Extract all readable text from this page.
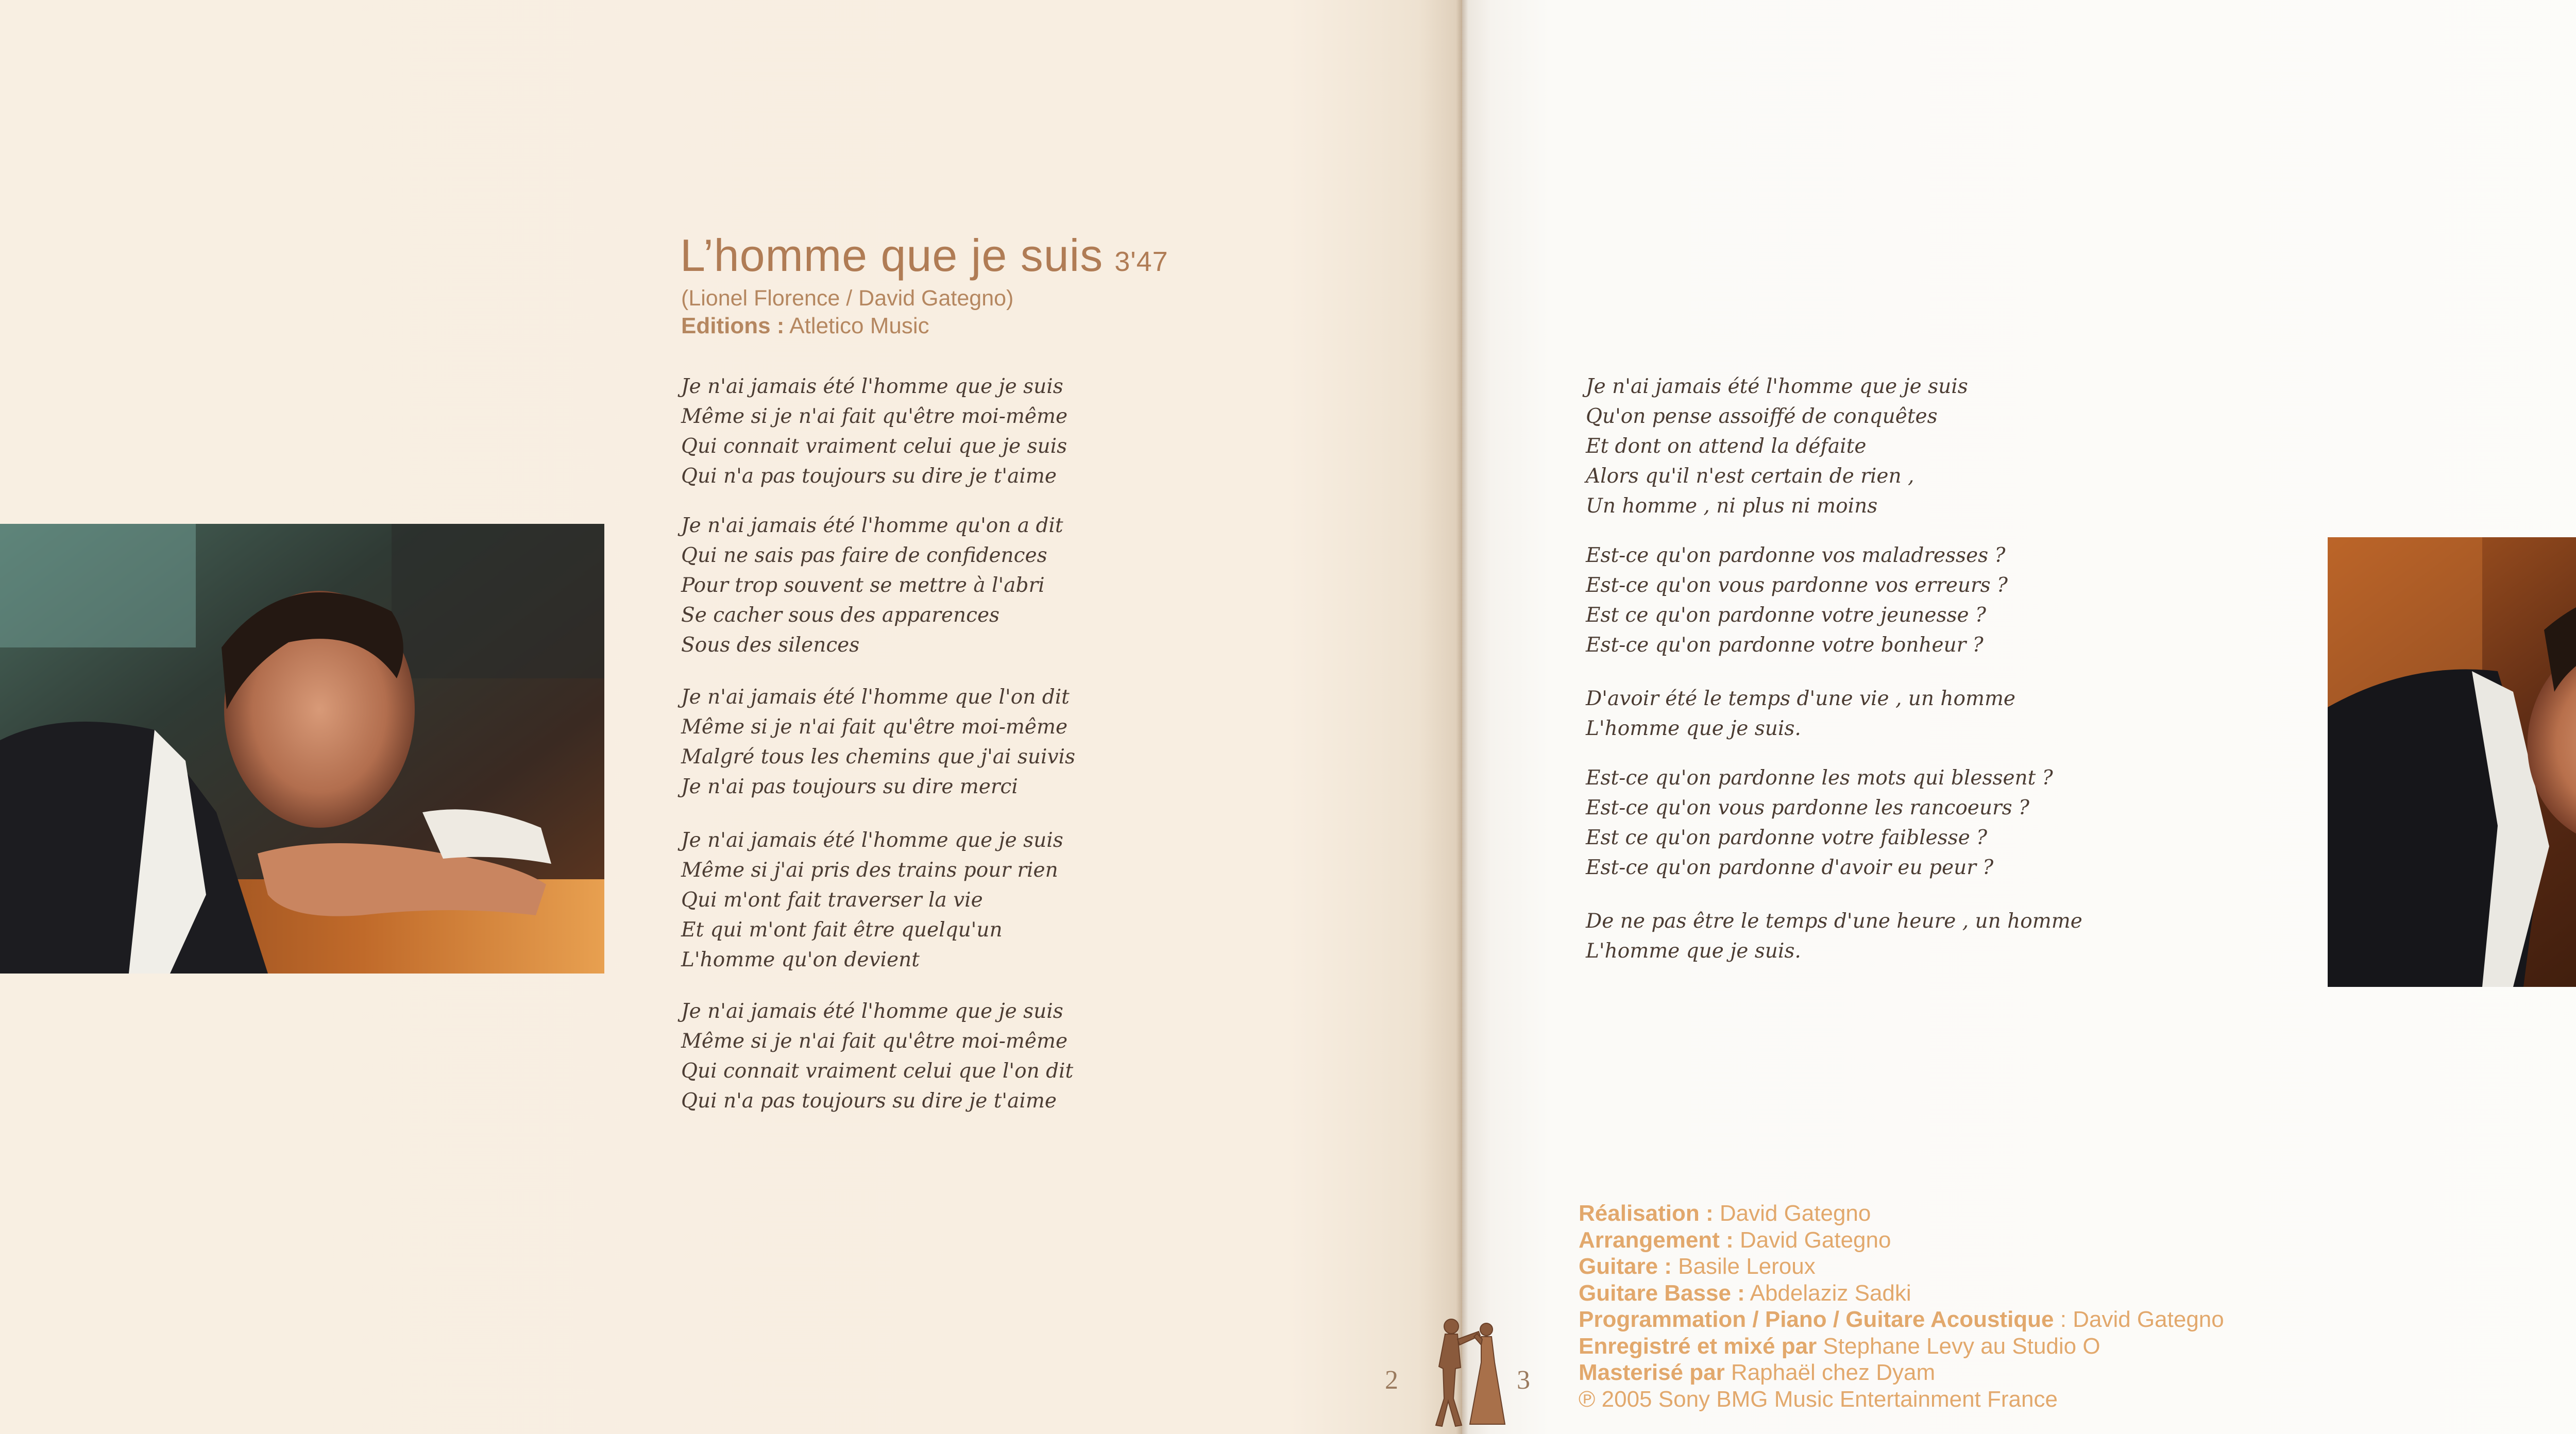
L’homme que je suis 3'47
(Lionel Florence / David Gategno)
Editions : Atletico Music
Je n'ai jamais été l'homme que je suis
Même si je n'ai fait qu'être moi-même
Qui connait vraiment celui que je suis
Qui n'a pas toujours su dire je t'aime
Je n'ai jamais été l'homme qu'on a dit
Qui ne sais pas faire de confidences
Pour trop souvent se mettre à l'abri
Se cacher sous des apparences
Sous des silences
Je n'ai jamais été l'homme que l'on dit
Même si je n'ai fait qu'être moi-même
Malgré tous les chemins que j'ai suivis
Je n'ai pas toujours su dire merci
Je n'ai jamais été l'homme que je suis
Même si j'ai pris des trains pour rien
Qui m'ont fait traverser la vie
Et qui m'ont fait être quelqu'un
L'homme qu'on devient
Je n'ai jamais été l'homme que je suis
Même si je n'ai fait qu'être moi-même
Qui connait vraiment celui que l'on dit
Qui n'a pas toujours su dire je t'aime
Je n'ai jamais été l'homme que je suis
Qu'on pense assoiffé de conquêtes
Et dont on attend la défaite
Alors qu'il n'est certain de rien ,
Un homme , ni plus ni moins
Est-ce qu'on pardonne vos maladresses ?
Est-ce qu'on vous pardonne vos erreurs ?
Est ce qu'on pardonne votre jeunesse ?
Est-ce qu'on pardonne votre bonheur ?
D'avoir été le temps d'une vie , un homme
L'homme que je suis.
Est-ce qu'on pardonne les mots qui blessent ?
Est-ce qu'on vous pardonne les rancoeurs ?
Est ce qu'on pardonne votre faiblesse ?
Est-ce qu'on pardonne d'avoir eu peur ?
De ne pas être le temps d'une heure , un homme
L'homme que je suis.
Réalisation : David Gategno
Arrangement : David Gategno
Guitare : Basile Leroux
Guitare Basse : Abdelaziz Sadki
Programmation / Piano / Guitare Acoustique : David Gategno
Enregistré et mixé par Stephane Levy au Studio O
Masterisé par Raphaël chez Dyam
℗ 2005 Sony BMG Music Entertainment France
2	3
